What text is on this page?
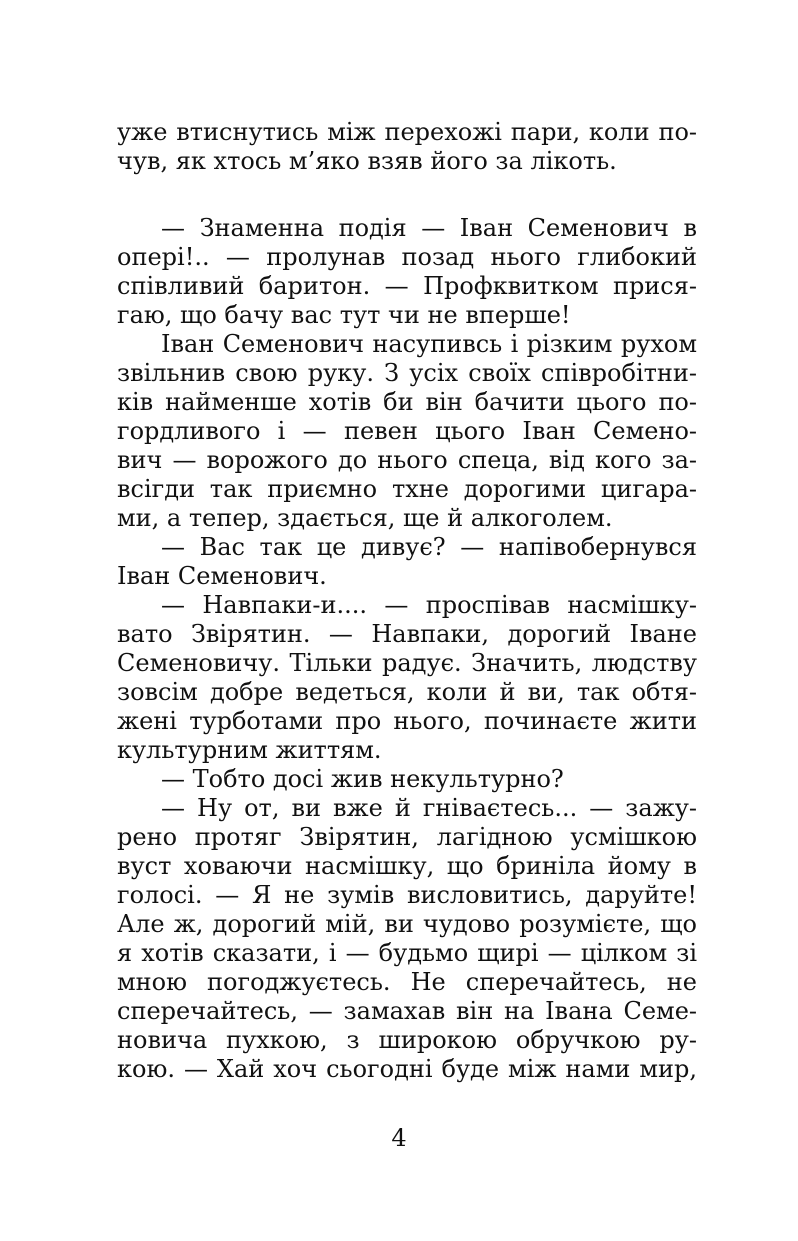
уже втиснутись між перехожі пари, коли по-
чув, як хтось м’яко взяв його за лікоть.
— Знаменна подія — Іван Семенович в
опері!.. — пролунав позад нього глибокий
співливий баритон. — Профквитком прися-
гаю, що бачу вас тут чи не вперше!
Іван Семенович насупивсь і різким рухом
звільнив свою руку. З усіх своїх співробітни-
ків найменше хотів би він бачити цього по-
гордливого і — певен цього Іван Семено-
вич — ворожого до нього спеца, від кого за-
всігди так приємно тхне дорогими цигара-
ми, а тепер, здається, ще й алкоголем.
— Вас так це дивує? — напівобернувся
Іван Семенович.
— Навпаки-и.... — проспівав насмішку-
вато Звірятин. — Навпаки, дорогий Іване
Семеновичу. Тільки радує. Значить, людству
зовсім добре ведеться, коли й ви, так обтя-
жені турботами про нього, починаєте жити
культурним життям.
— Тобто досі жив некультурно?
— Ну от, ви вже й гніваєтесь... — зажу-
рено протяг Звірятин, лагідною усмішкою
вуст ховаючи насмішку, що бриніла йому в
голосі. — Я не зумів висловитись, даруйте!
Але ж, дорогий мій, ви чудово розумієте, що
я хотів сказати, і — будьмо щирі — цілком зі
мною погоджуєтесь. Не сперечайтесь, не
сперечайтесь, — замахав він на Івана Семе-
новича пухкою, з широкою обручкою ру-
кою. — Хай хоч сьогодні буде між нами мир,
4
